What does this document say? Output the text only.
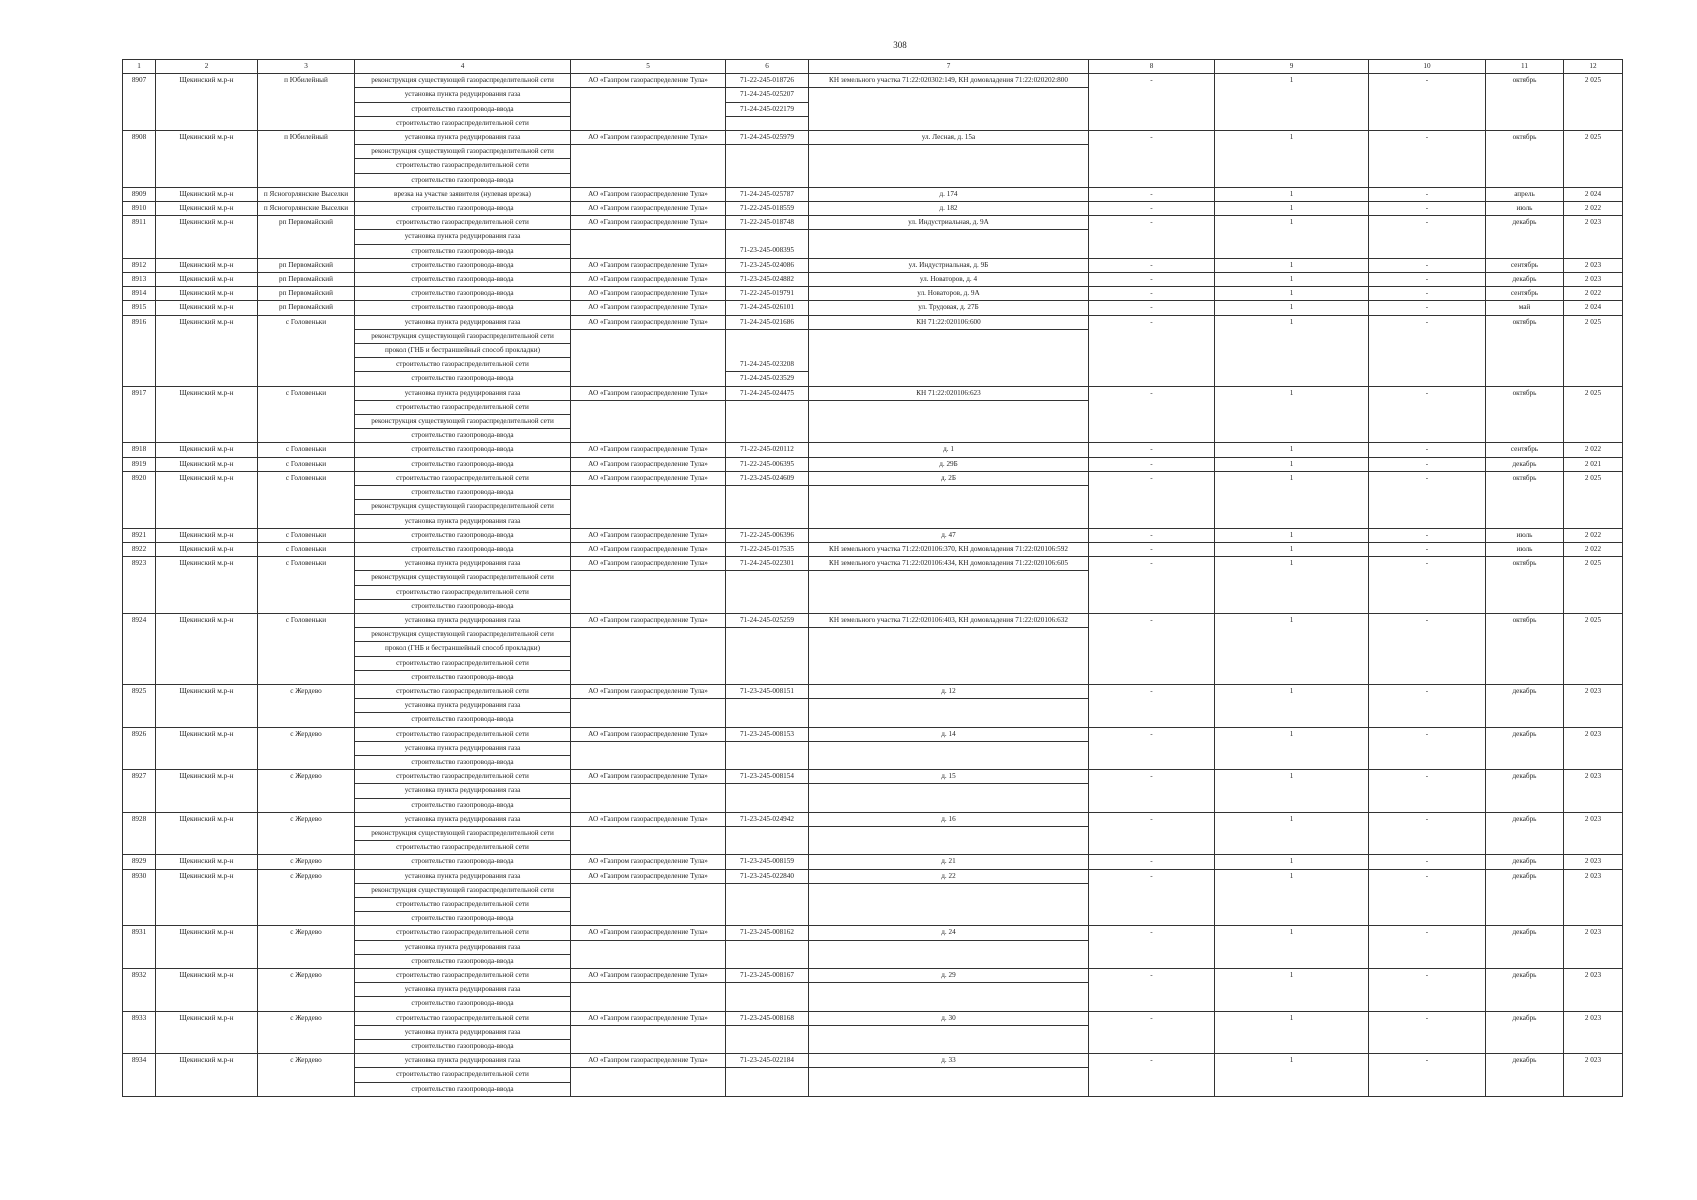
308
1	2	3	4	5	6	7	8	9	10	11	12
8907	Щекинский м.р-н	п Юбилейный	реконструкция существующей газораспределительной сети	АО «Газпром газораспределение Тула»	71-22-245-018726	КН земельного участка 71:22:020302:149, КН домовладения 71:22:020202:800	-	1	-	октябрь	2 025
			установка пункта редуцирования газа		71-24-245-025207						
			строительство газопровода-ввода		71-24-245-022179						
			строительство газораспределительной сети								
8908	Щекинский м.р-н	п Юбилейный	установка пункта редуцирования газа	АО «Газпром газораспределение Тула»	71-24-245-025979	ул. Лесная, д. 15а	-	1	-	октябрь	2 025
			реконструкция существующей газораспределительной сети								
			строительство газораспределительной сети								
			строительство газопровода-ввода								
8909	Щекинский м.р-н	п Ясногорлянские Выселки	врезка на участке заявителя (нулевая врезка)	АО «Газпром газораспределение Тула»	71-24-245-025787	д. 174	-	1	-	апрель	2 024
8910	Щекинский м.р-н	п Ясногорлянские Выселки	строительство газопровода-ввода	АО «Газпром газораспределение Тула»	71-22-245-018559	д. 182	-	1	-	июль	2 022
8911	Щекинский м.р-н	рп Первомайский	строительство газораспределительной сети	АО «Газпром газораспределение Тула»	71-22-245-018748	ул. Индустриальная, д. 9А	-	1	-	декабрь	2 023
			установка пункта редуцирования газа								
			строительство газопровода-ввода		71-23-245-008395						
8912	Щекинский м.р-н	рп Первомайский	строительство газопровода-ввода	АО «Газпром газораспределение Тула»	71-23-245-024086	ул. Индустриальная, д. 9Б	-	1	-	сентябрь	2 023
8913	Щекинский м.р-н	рп Первомайский	строительство газопровода-ввода	АО «Газпром газораспределение Тула»	71-23-245-024882	ул. Новаторов, д. 4	-	1	-	декабрь	2 023
8914	Щекинский м.р-н	рп Первомайский	строительство газопровода-ввода	АО «Газпром газораспределение Тула»	71-22-245-019791	ул. Новаторов, д. 9А	-	1	-	сентябрь	2 022
8915	Щекинский м.р-н	рп Первомайский	строительство газопровода-ввода	АО «Газпром газораспределение Тула»	71-24-245-026101	ул. Трудовая, д. 27Б	-	1	-	май	2 024
8916	Щекинский м.р-н	с Головеньки	установка пункта редуцирования газа	АО «Газпром газораспределение Тула»	71-24-245-021686	КН 71:22:020106:600	-	1	-	октябрь	2 025
			реконструкция существующей газораспределительной сети								
			прокол (ГНБ и бестраншейный способ прокладки)								
			строительство газораспределительной сети		71-24-245-023208						
			строительство газопровода-ввода		71-24-245-023529						
8917	Щекинский м.р-н	с Головеньки	установка пункта редуцирования газа	АО «Газпром газораспределение Тула»	71-24-245-024475	КН 71:22:020106:623	-	1	-	октябрь	2 025
			строительство газораспределительной сети								
			реконструкция существующей газораспределительной сети								
			строительство газопровода-ввода								
8918	Щекинский м.р-н	с Головеньки	строительство газопровода-ввода	АО «Газпром газораспределение Тула»	71-22-245-020112	д. 1	-	1	-	сентябрь	2 022
8919	Щекинский м.р-н	с Головеньки	строительство газопровода-ввода	АО «Газпром газораспределение Тула»	71-22-245-006395	д. 29Б	-	1	-	декабрь	2 021
8920	Щекинский м.р-н	с Головеньки	строительство газораспределительной сети	АО «Газпром газораспределение Тула»	71-23-245-024609	д. 2Б	-	1	-	октябрь	2 025
			строительство газопровода-ввода								
			реконструкция существующей газораспределительной сети								
			установка пункта редуцирования газа								
8921	Щекинский м.р-н	с Головеньки	строительство газопровода-ввода	АО «Газпром газораспределение Тула»	71-22-245-006396	д. 47	-	1	-	июль	2 022
8922	Щекинский м.р-н	с Головеньки	строительство газопровода-ввода	АО «Газпром газораспределение Тула»	71-22-245-017535	КН земельного участка 71:22:020106:370, КН домовладения 71:22:020106:592	-	1	-	июль	2 022
8923	Щекинский м.р-н	с Головеньки	установка пункта редуцирования газа	АО «Газпром газораспределение Тула»	71-24-245-022301	КН земельного участка 71:22:020106:434, КН домовладения 71:22:020106:605	-	1	-	октябрь	2 025
			реконструкция существующей газораспределительной сети								
			строительство газораспределительной сети								
			строительство газопровода-ввода								
8924	Щекинский м.р-н	с Головеньки	установка пункта редуцирования газа	АО «Газпром газораспределение Тула»	71-24-245-025259	КН земельного участка 71:22:020106:403, КН домовладения 71:22:020106:632	-	1	-	октябрь	2 025
			реконструкция существующей газораспределительной сети								
			прокол (ГНБ и бестраншейный способ прокладки)								
			строительство газораспределительной сети								
			строительство газопровода-ввода								
8925	Щекинский м.р-н	с Жердево	строительство газораспределительной сети	АО «Газпром газораспределение Тула»	71-23-245-008151	д. 12	-	1	-	декабрь	2 023
			установка пункта редуцирования газа								
			строительство газопровода-ввода								
8926	Щекинский м.р-н	с Жердево	строительство газораспределительной сети	АО «Газпром газораспределение Тула»	71-23-245-008153	д. 14	-	1	-	декабрь	2 023
			установка пункта редуцирования газа								
			строительство газопровода-ввода								
8927	Щекинский м.р-н	с Жердево	строительство газораспределительной сети	АО «Газпром газораспределение Тула»	71-23-245-008154	д. 15	-	1	-	декабрь	2 023
			установка пункта редуцирования газа								
			строительство газопровода-ввода								
8928	Щекинский м.р-н	с Жердево	установка пункта редуцирования газа	АО «Газпром газораспределение Тула»	71-23-245-024942	д. 16	-	1	-	декабрь	2 023
			реконструкция существующей газораспределительной сети								
			строительство газораспределительной сети								
8929	Щекинский м.р-н	с Жердево	строительство газопровода-ввода	АО «Газпром газораспределение Тула»	71-23-245-008159	д. 21	-	1	-	декабрь	2 023
8930	Щекинский м.р-н	с Жердево	установка пункта редуцирования газа	АО «Газпром газораспределение Тула»	71-23-245-022840	д. 22	-	1	-	декабрь	2 023
			реконструкция существующей газораспределительной сети								
			строительство газораспределительной сети								
			строительство газопровода-ввода								
8931	Щекинский м.р-н	с Жердево	строительство газораспределительной сети	АО «Газпром газораспределение Тула»	71-23-245-008162	д. 24	-	1	-	декабрь	2 023
			установка пункта редуцирования газа								
			строительство газопровода-ввода								
8932	Щекинский м.р-н	с Жердево	строительство газораспределительной сети	АО «Газпром газораспределение Тула»	71-23-245-008167	д. 29	-	1	-	декабрь	2 023
			установка пункта редуцирования газа								
			строительство газопровода-ввода								
8933	Щекинский м.р-н	с Жердево	строительство газораспределительной сети	АО «Газпром газораспределение Тула»	71-23-245-008168	д. 30	-	1	-	декабрь	2 023
			установка пункта редуцирования газа								
			строительство газопровода-ввода								
8934	Щекинский м.р-н	с Жердево	установка пункта редуцирования газа	АО «Газпром газораспределение Тула»	71-23-245-022184	д. 33	-	1	-	декабрь	2 023
			строительство газораспределительной сети								
			строительство газопровода-ввода								
